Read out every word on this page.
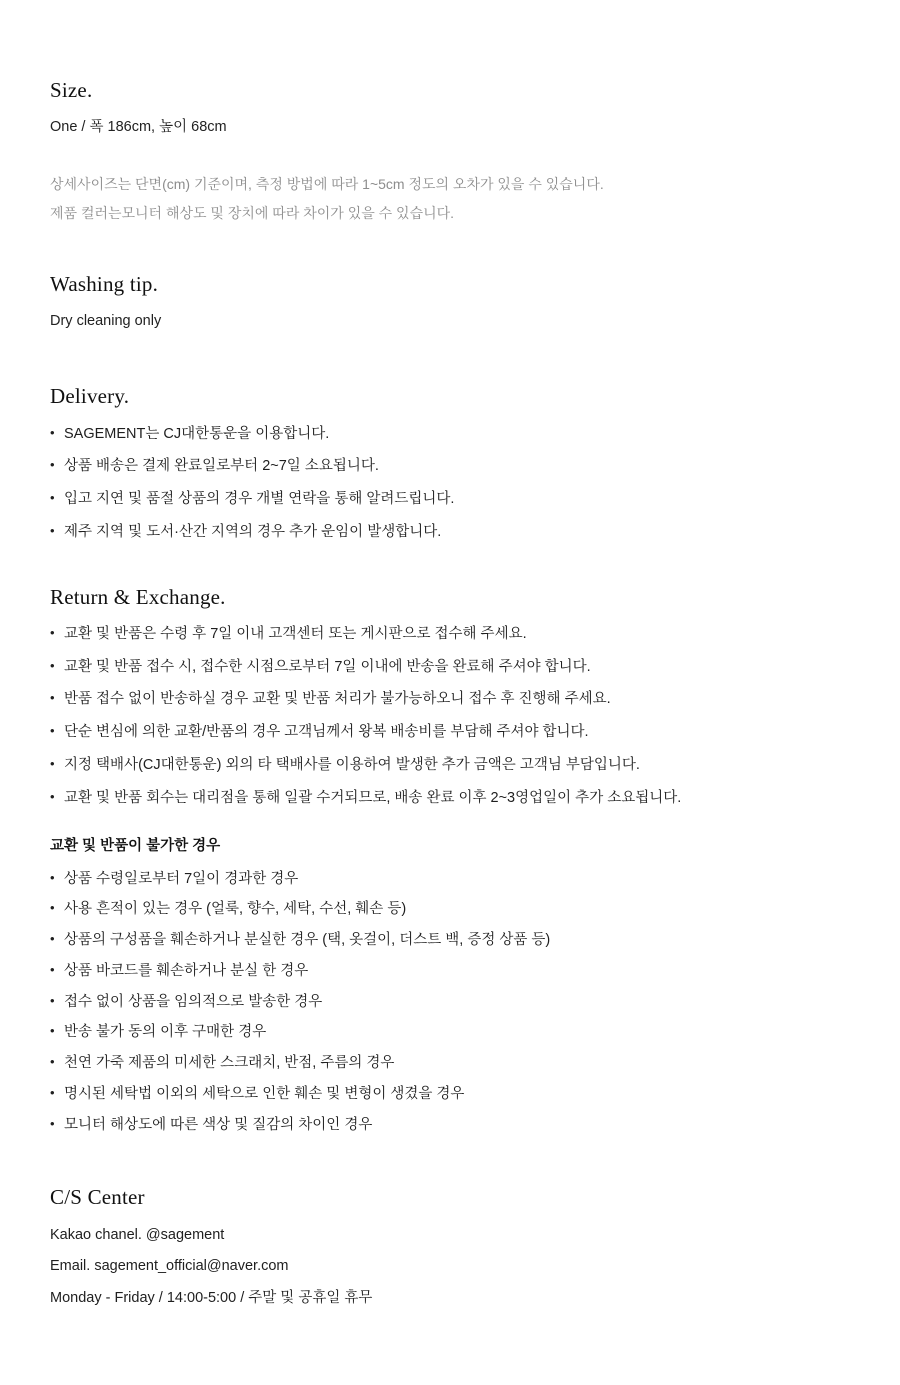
Size.

One / 폭 186cm, 높이 68cm

상세사이즈는 단면(cm) 기준이며, 측정 방법에 따라 1~5cm 정도의 오차가 있을 수 있습니다.

제품 컬러는모니터 해상도 및 장치에 따라 차이가 있을 수 있습니다.

Washing tip.

Dry cleaning only

Delivery.
• SAGEMENT는 CJ대한통운을 이용합니다.
• 상품 배송은 결제 완료일로부터 2~7일 소요됩니다.
• 입고 지연 및 품절 상품의 경우 개별 연락을 통해 알려드립니다.
• 제주 지역 및 도서·산간 지역의 경우 추가 운임이 발생합니다.
Return & Exchange.
• 교환 및 반품은 수령 후 7일 이내 고객센터 또는 게시판으로 접수해 주세요.
• 교환 및 반품 접수 시, 접수한 시점으로부터 7일 이내에 반송을 완료해 주셔야 합니다.
• 반품 접수 없이 반송하실 경우 교환 및 반품 처리가 불가능하오니 접수 후 진행해 주세요.
• 단순 변심에 의한 교환/반품의 경우 고객님께서 왕복 배송비를 부담해 주셔야 합니다.
• 지정 택배사(CJ대한통운) 외의 타 택배사를 이용하여 발생한 추가 금액은 고객님 부담입니다.
• 교환 및 반품 회수는 대리점을 통해 일괄 수거되므로, 배송 완료 이후 2~3영업일이 추가 소요됩니다.

교환 및 반품이 불가한 경우

• 상품 수령일로부터 7일이 경과한 경우
• 사용 흔적이 있는 경우 (얼룩, 향수, 세탁, 수선, 훼손 등)
• 상품의 구성품을 훼손하거나 분실한 경우 (택, 옷걸이, 더스트 백, 증정 상품 등)
• 상품 바코드를 훼손하거나 분실 한 경우
• 접수 없이 상품을 임의적으로 발송한 경우
• 반송 불가 동의 이후 구매한 경우
• 천연 가죽 제품의 미세한 스크래치, 반점, 주름의 경우
• 명시된 세탁법 이외의 세탁으로 인한 훼손 및 변형이 생겼을 경우
• 모니터 해상도에 따른 색상 및 질감의 차이인 경우
C/S Center

Kakao chanel. @sagement

Email. sagement_official@naver.com

Monday - Friday / 14:00-5:00 / 주말 및 공휴일 휴무
